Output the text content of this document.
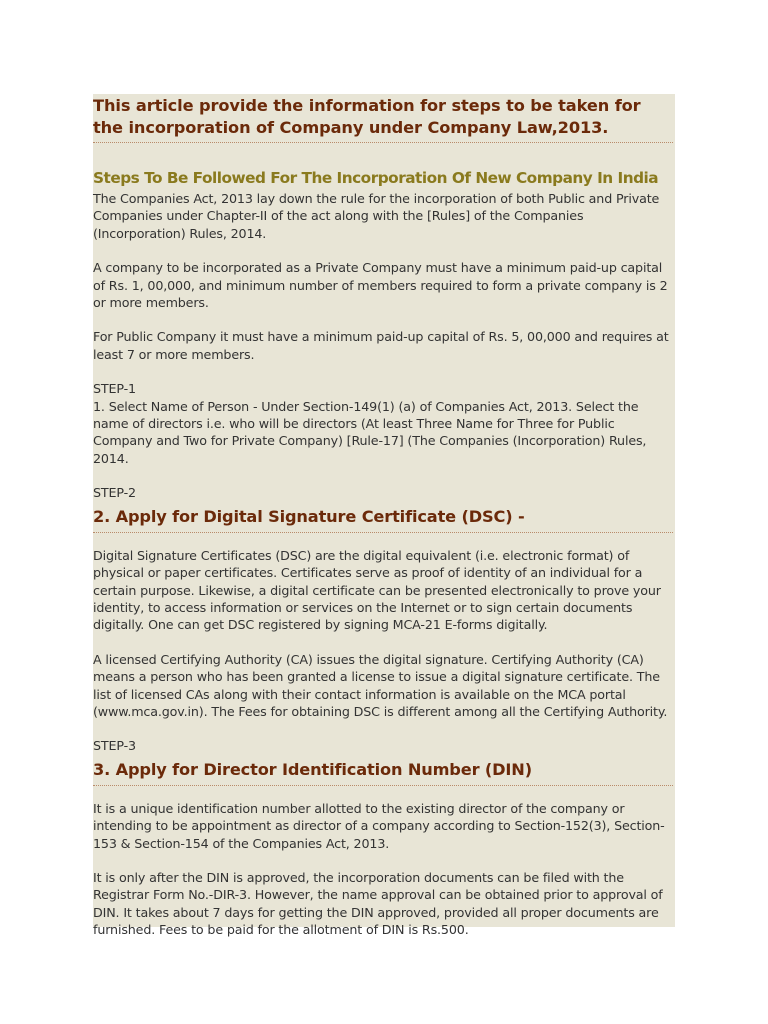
This article provide the information for steps to be taken for the incorporation of Company under Company Law,2013.
Steps To Be Followed For The Incorporation Of New Company In India

The Companies Act, 2013 lay down the rule for the incorporation of both Public and Private Companies under Chapter-II of the act along with the [Rules] of the Companies (Incorporation) Rules, 2014.

A company to be incorporated as a Private Company must have a minimum paid-up capital of Rs. 1, 00,000, and minimum number of members required to form a private company is 2 or more members.

For Public Company it must have a minimum paid-up capital of Rs. 5, 00,000 and requires at least 7 or more members.

STEP-1

1. Select Name of Person - Under Section-149(1) (a) of Companies Act, 2013. Select the name of directors i.e. who will be directors (At least Three Name for Three for Public Company and Two for Private Company) [Rule-17] (The Companies (Incorporation) Rules, 2014.

STEP-2

2. Apply for Digital Signature Certificate (DSC) -

Digital Signature Certificates (DSC) are the digital equivalent (i.e. electronic format) of physical or paper certificates. Certificates serve as proof of identity of an individual for a certain purpose. Likewise, a digital certificate can be presented electronically to prove your identity, to access information or services on the Internet or to sign certain documents digitally. One can get DSC registered by signing MCA-21 E-forms digitally.

A licensed Certifying Authority (CA) issues the digital signature. Certifying Authority (CA) means a person who has been granted a license to issue a digital signature certificate. The list of licensed CAs along with their contact information is available on the MCA portal (www.mca.gov.in). The Fees for obtaining DSC is different among all the Certifying Authority.

STEP-3

3. Apply for Director Identification Number (DIN)

It is a unique identification number allotted to the existing director of the company or intending to be appointment as director of a company according to Section-152(3), Section-153 & Section-154 of the Companies Act, 2013.

It is only after the DIN is approved, the incorporation documents can be filed with the Registrar Form No.-DIR-3. However, the name approval can be obtained prior to approval of DIN. It takes about 7 days for getting the DIN approved, provided all proper documents are furnished. Fees to be paid for the allotment of DIN is Rs.500.
